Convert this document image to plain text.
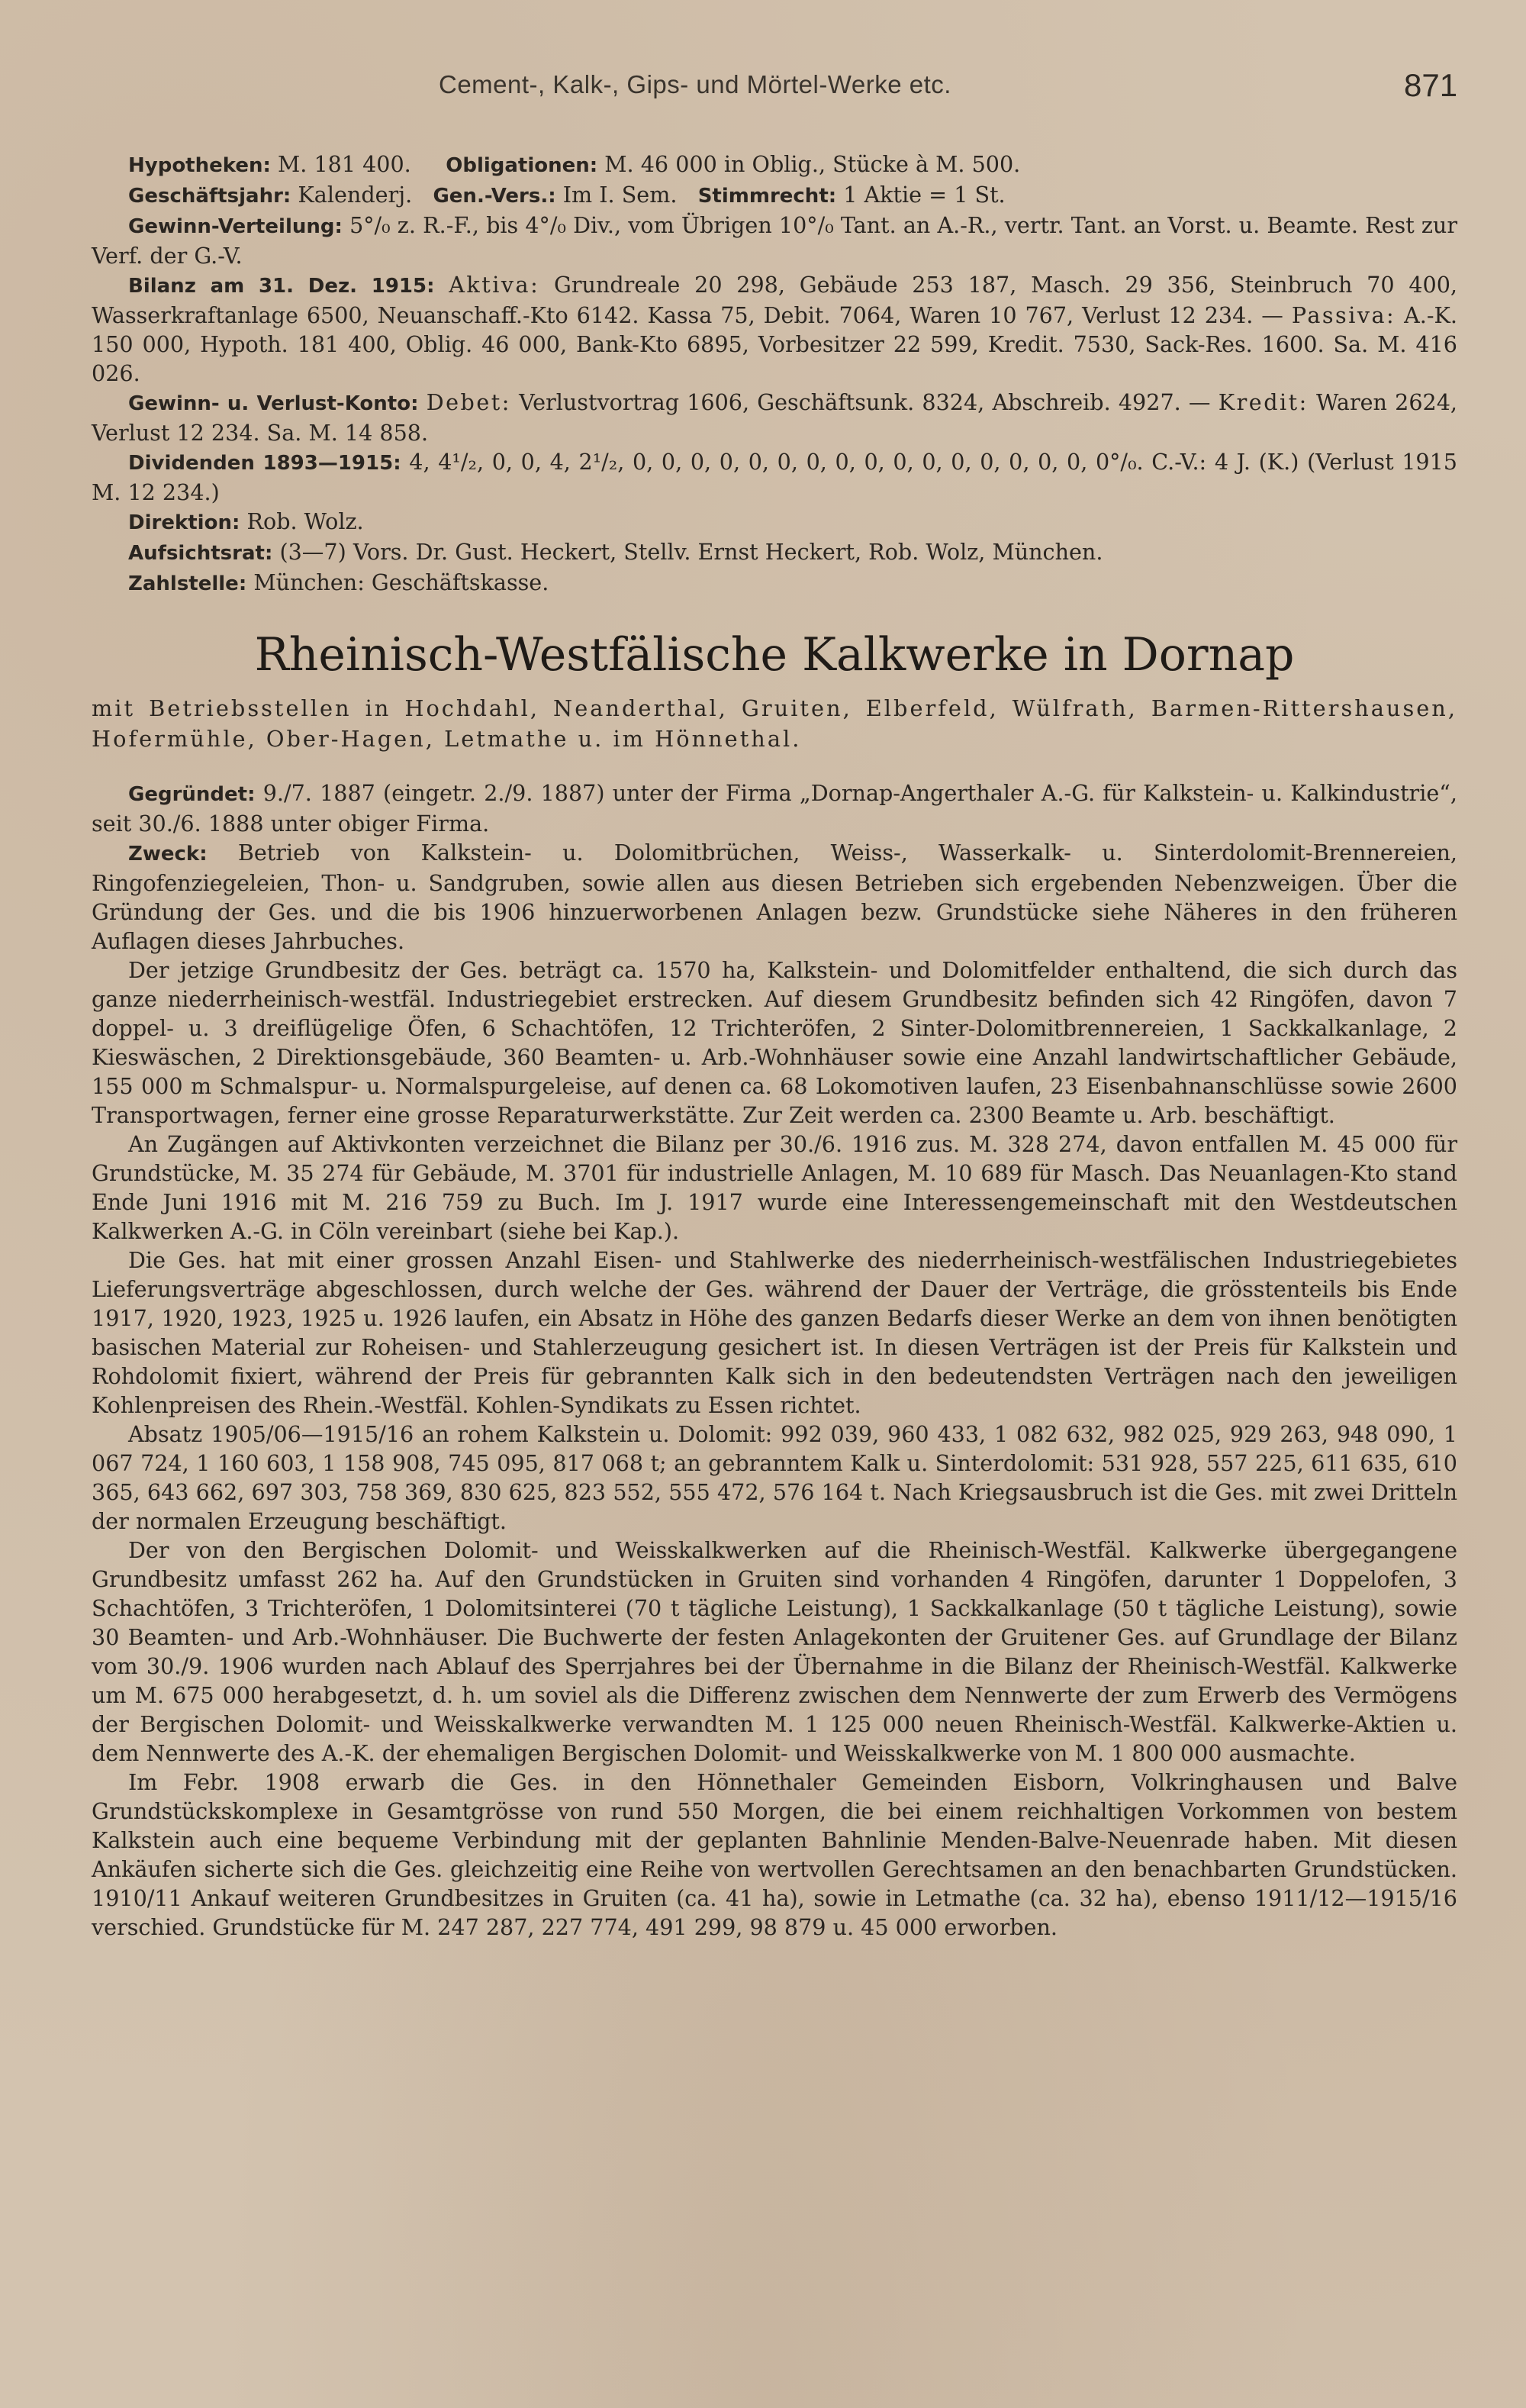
Cement-, Kalk-, Gips- und Mörtel-Werke etc.	871

Hypotheken: M. 181 400. Obligationen: M. 46 000 in Oblig., Stücke à M. 500.

Geschäftsjahr: Kalenderj. Gen.-Vers.: Im I. Sem. Stimmrecht: 1 Aktie = 1 St.

Gewinn-Verteilung: 5°/₀ z. R.-F., bis 4°/₀ Div., vom Übrigen 10°/₀ Tant. an A.-R., vertr. Tant. an Vorst. u. Beamte. Rest zur Verf. der G.-V.

Bilanz am 31. Dez. 1915: Aktiva: Grundreale 20 298, Gebäude 253 187, Masch. 29 356, Steinbruch 70 400, Wasserkraftanlage 6500, Neuanschaff.-Kto 6142. Kassa 75, Debit. 7064, Waren 10 767, Verlust 12 234. — Passiva: A.-K. 150 000, Hypoth. 181 400, Oblig. 46 000, Bank-Kto 6895, Vorbesitzer 22 599, Kredit. 7530, Sack-Res. 1600. Sa. M. 416 026.

Gewinn- u. Verlust-Konto: Debet: Verlustvortrag 1606, Geschäftsunk. 8324, Abschreib. 4927. — Kredit: Waren 2624, Verlust 12 234. Sa. M. 14 858.

Dividenden 1893—1915: 4, 4¹/₂, 0, 0, 4, 2¹/₂, 0, 0, 0, 0, 0, 0, 0, 0, 0, 0, 0, 0, 0, 0, 0, 0, 0°/₀. C.-V.: 4 J. (K.) (Verlust 1915 M. 12 234.)

Direktion: Rob. Wolz.

Aufsichtsrat: (3—7) Vors. Dr. Gust. Heckert, Stellv. Ernst Heckert, Rob. Wolz, München.

Zahlstelle: München: Geschäftskasse.

Rheinisch-Westfälische Kalkwerke in Dornap

mit Betriebsstellen in Hochdahl, Neanderthal, Gruiten, Elberfeld, Wülfrath, Barmen-Rittershausen, Hofermühle, Ober-Hagen, Letmathe u. im Hönnethal.

Gegründet: 9./7. 1887 (eingetr. 2./9. 1887) unter der Firma „Dornap-Angerthaler A.-G. für Kalkstein- u. Kalkindustrie“, seit 30./6. 1888 unter obiger Firma.

Zweck: Betrieb von Kalkstein- u. Dolomitbrüchen, Weiss-, Wasserkalk- u. Sinterdolomit-Brennereien, Ringofenziegeleien, Thon- u. Sandgruben, sowie allen aus diesen Betrieben sich ergebenden Nebenzweigen. Über die Gründung der Ges. und die bis 1906 hinzuerworbenen Anlagen bezw. Grundstücke siehe Näheres in den früheren Auflagen dieses Jahrbuches.

Der jetzige Grundbesitz der Ges. beträgt ca. 1570 ha, Kalkstein- und Dolomitfelder enthaltend, die sich durch das ganze niederrheinisch-westfäl. Industriegebiet erstrecken. Auf diesem Grundbesitz befinden sich 42 Ringöfen, davon 7 doppel- u. 3 dreiflügelige Öfen, 6 Schachtöfen, 12 Trichteröfen, 2 Sinter-Dolomitbrennereien, 1 Sackkalkanlage, 2 Kieswäschen, 2 Direktionsgebäude, 360 Beamten- u. Arb.-Wohnhäuser sowie eine Anzahl landwirtschaftlicher Gebäude, 155 000 m Schmalspur- u. Normalspurgeleise, auf denen ca. 68 Lokomotiven laufen, 23 Eisenbahnanschlüsse sowie 2600 Transportwagen, ferner eine grosse Reparaturwerkstätte. Zur Zeit werden ca. 2300 Beamte u. Arb. beschäftigt.

An Zugängen auf Aktivkonten verzeichnet die Bilanz per 30./6. 1916 zus. M. 328 274, davon entfallen M. 45 000 für Grundstücke, M. 35 274 für Gebäude, M. 3701 für industrielle Anlagen, M. 10 689 für Masch. Das Neuanlagen-Kto stand Ende Juni 1916 mit M. 216 759 zu Buch. Im J. 1917 wurde eine Interessengemeinschaft mit den Westdeutschen Kalkwerken A.-G. in Cöln vereinbart (siehe bei Kap.).

Die Ges. hat mit einer grossen Anzahl Eisen- und Stahlwerke des niederrheinisch-westfälischen Industriegebietes Lieferungsverträge abgeschlossen, durch welche der Ges. während der Dauer der Verträge, die grösstenteils bis Ende 1917, 1920, 1923, 1925 u. 1926 laufen, ein Absatz in Höhe des ganzen Bedarfs dieser Werke an dem von ihnen benötigten basischen Material zur Roheisen- und Stahlerzeugung gesichert ist. In diesen Verträgen ist der Preis für Kalkstein und Rohdolomit fixiert, während der Preis für gebrannten Kalk sich in den bedeutendsten Verträgen nach den jeweiligen Kohlenpreisen des Rhein.-Westfäl. Kohlen-Syndikats zu Essen richtet.

Absatz 1905/06—1915/16 an rohem Kalkstein u. Dolomit: 992 039, 960 433, 1 082 632, 982 025, 929 263, 948 090, 1 067 724, 1 160 603, 1 158 908, 745 095, 817 068 t; an gebranntem Kalk u. Sinterdolomit: 531 928, 557 225, 611 635, 610 365, 643 662, 697 303, 758 369, 830 625, 823 552, 555 472, 576 164 t. Nach Kriegsausbruch ist die Ges. mit zwei Dritteln der normalen Erzeugung beschäftigt.

Der von den Bergischen Dolomit- und Weisskalkwerken auf die Rheinisch-Westfäl. Kalkwerke übergegangene Grundbesitz umfasst 262 ha. Auf den Grundstücken in Gruiten sind vorhanden 4 Ringöfen, darunter 1 Doppelofen, 3 Schachtöfen, 3 Trichteröfen, 1 Dolomitsinterei (70 t tägliche Leistung), 1 Sackkalkanlage (50 t tägliche Leistung), sowie 30 Beamten- und Arb.-Wohnhäuser. Die Buchwerte der festen Anlagekonten der Gruitener Ges. auf Grundlage der Bilanz vom 30./9. 1906 wurden nach Ablauf des Sperrjahres bei der Übernahme in die Bilanz der Rheinisch-Westfäl. Kalkwerke um M. 675 000 herabgesetzt, d. h. um soviel als die Differenz zwischen dem Nennwerte der zum Erwerb des Vermögens der Bergischen Dolomit- und Weisskalkwerke verwandten M. 1 125 000 neuen Rheinisch-Westfäl. Kalkwerke-Aktien u. dem Nennwerte des A.-K. der ehemaligen Bergischen Dolomit- und Weisskalkwerke von M. 1 800 000 ausmachte.

Im Febr. 1908 erwarb die Ges. in den Hönnethaler Gemeinden Eisborn, Volkringhausen und Balve Grundstückskomplexe in Gesamtgrösse von rund 550 Morgen, die bei einem reichhaltigen Vorkommen von bestem Kalkstein auch eine bequeme Verbindung mit der geplanten Bahnlinie Menden-Balve-Neuenrade haben. Mit diesen Ankäufen sicherte sich die Ges. gleichzeitig eine Reihe von wertvollen Gerechtsamen an den benachbarten Grundstücken. 1910/11 Ankauf weiteren Grundbesitzes in Gruiten (ca. 41 ha), sowie in Letmathe (ca. 32 ha), ebenso 1911/12—1915/16 verschied. Grundstücke für M. 247 287, 227 774, 491 299, 98 879 u. 45 000 erworben.
